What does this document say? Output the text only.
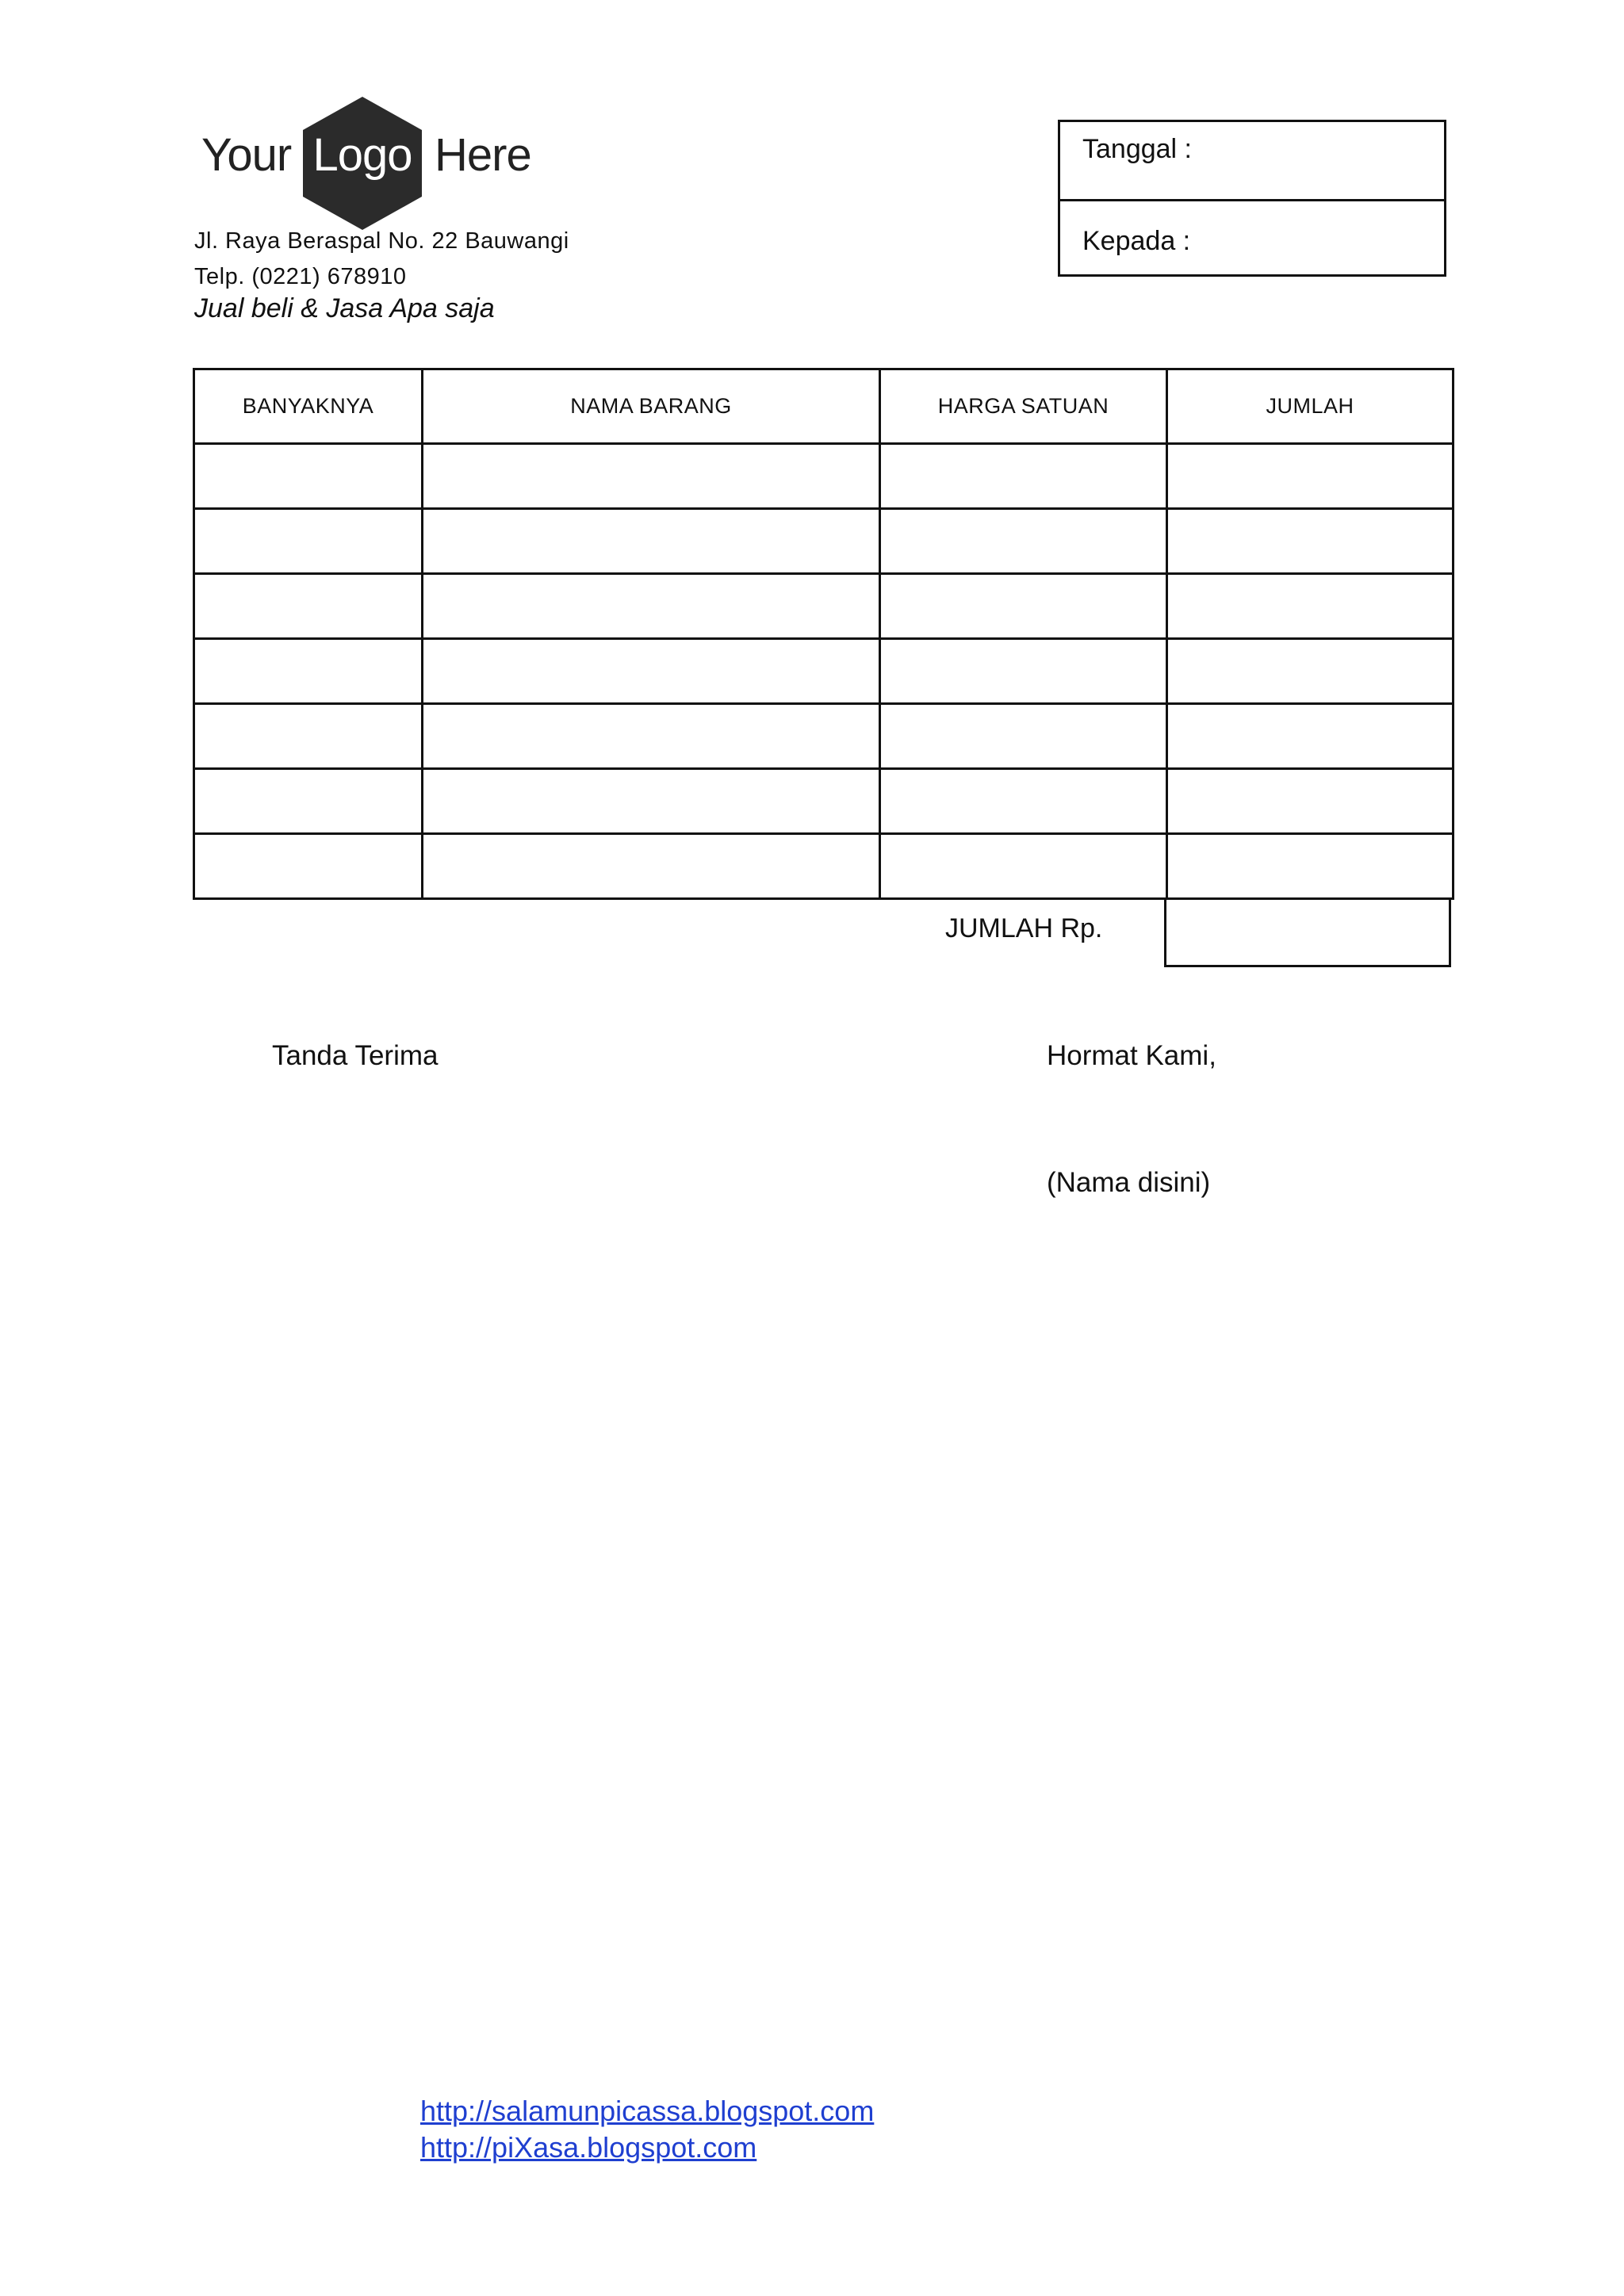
Your Logo Here
Jl. Raya Beraspal No. 22 Bauwangi
Telp. (0221) 678910
Jual beli & Jasa Apa saja
Tanggal :
Kepada :
BANYAKNYA	NAMA BARANG	HARGA SATUAN	JUMLAH

JUMLAH Rp.
Tanda Terima	Hormat Kami,
(Nama disini)
http://salamunpicassa.blogspot.com
http://piXasa.blogspot.com
